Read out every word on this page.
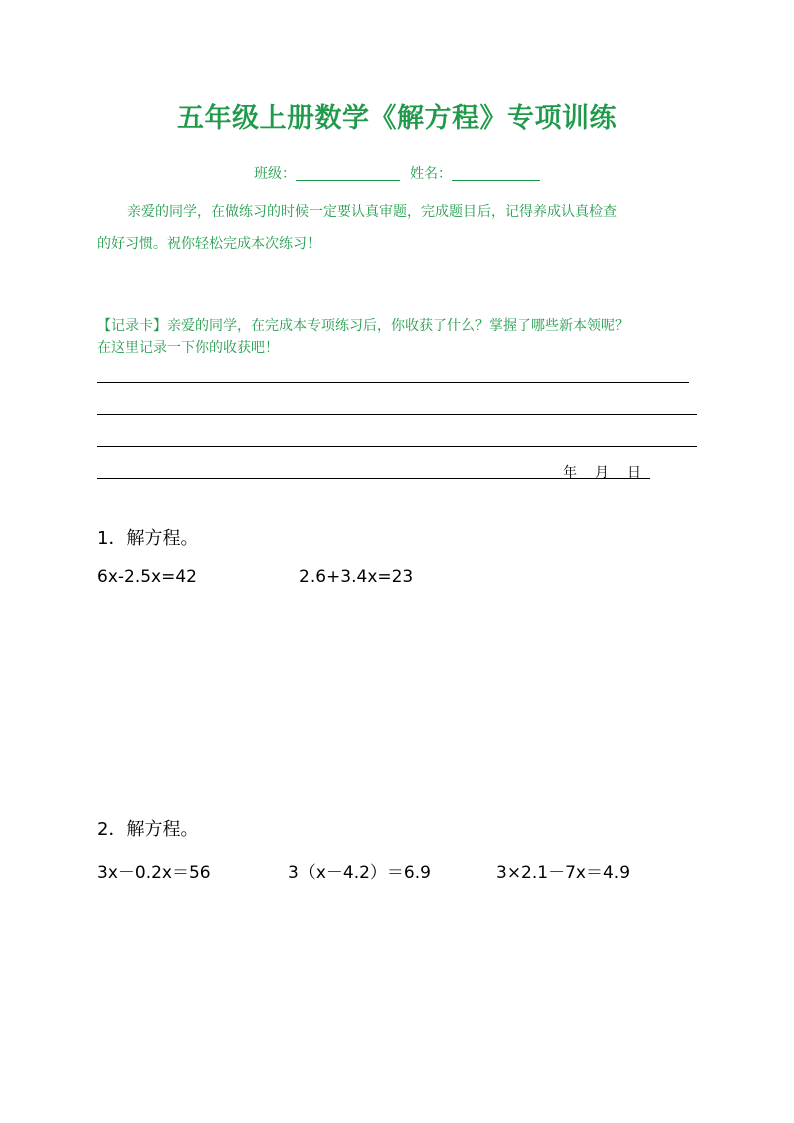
五年级上册数学《解方程》专项训练
班级：	姓名：
亲爱的同学，在做练习的时候一定要认真审题，完成题目后，记得养成认真检查
的好习惯。祝你轻松完成本次练习！
【记录卡】亲爱的同学，在完成本专项练习后，你收获了什么？掌握了哪些新本领呢？
在这里记录一下你的收获吧！
年 月 日
1．解方程。
6x-2.5x=42	2.6+3.4x=23
2．解方程。
3x－0.2x＝56	3（x－4.2）＝6.9	3×2.1－7x＝4.9
